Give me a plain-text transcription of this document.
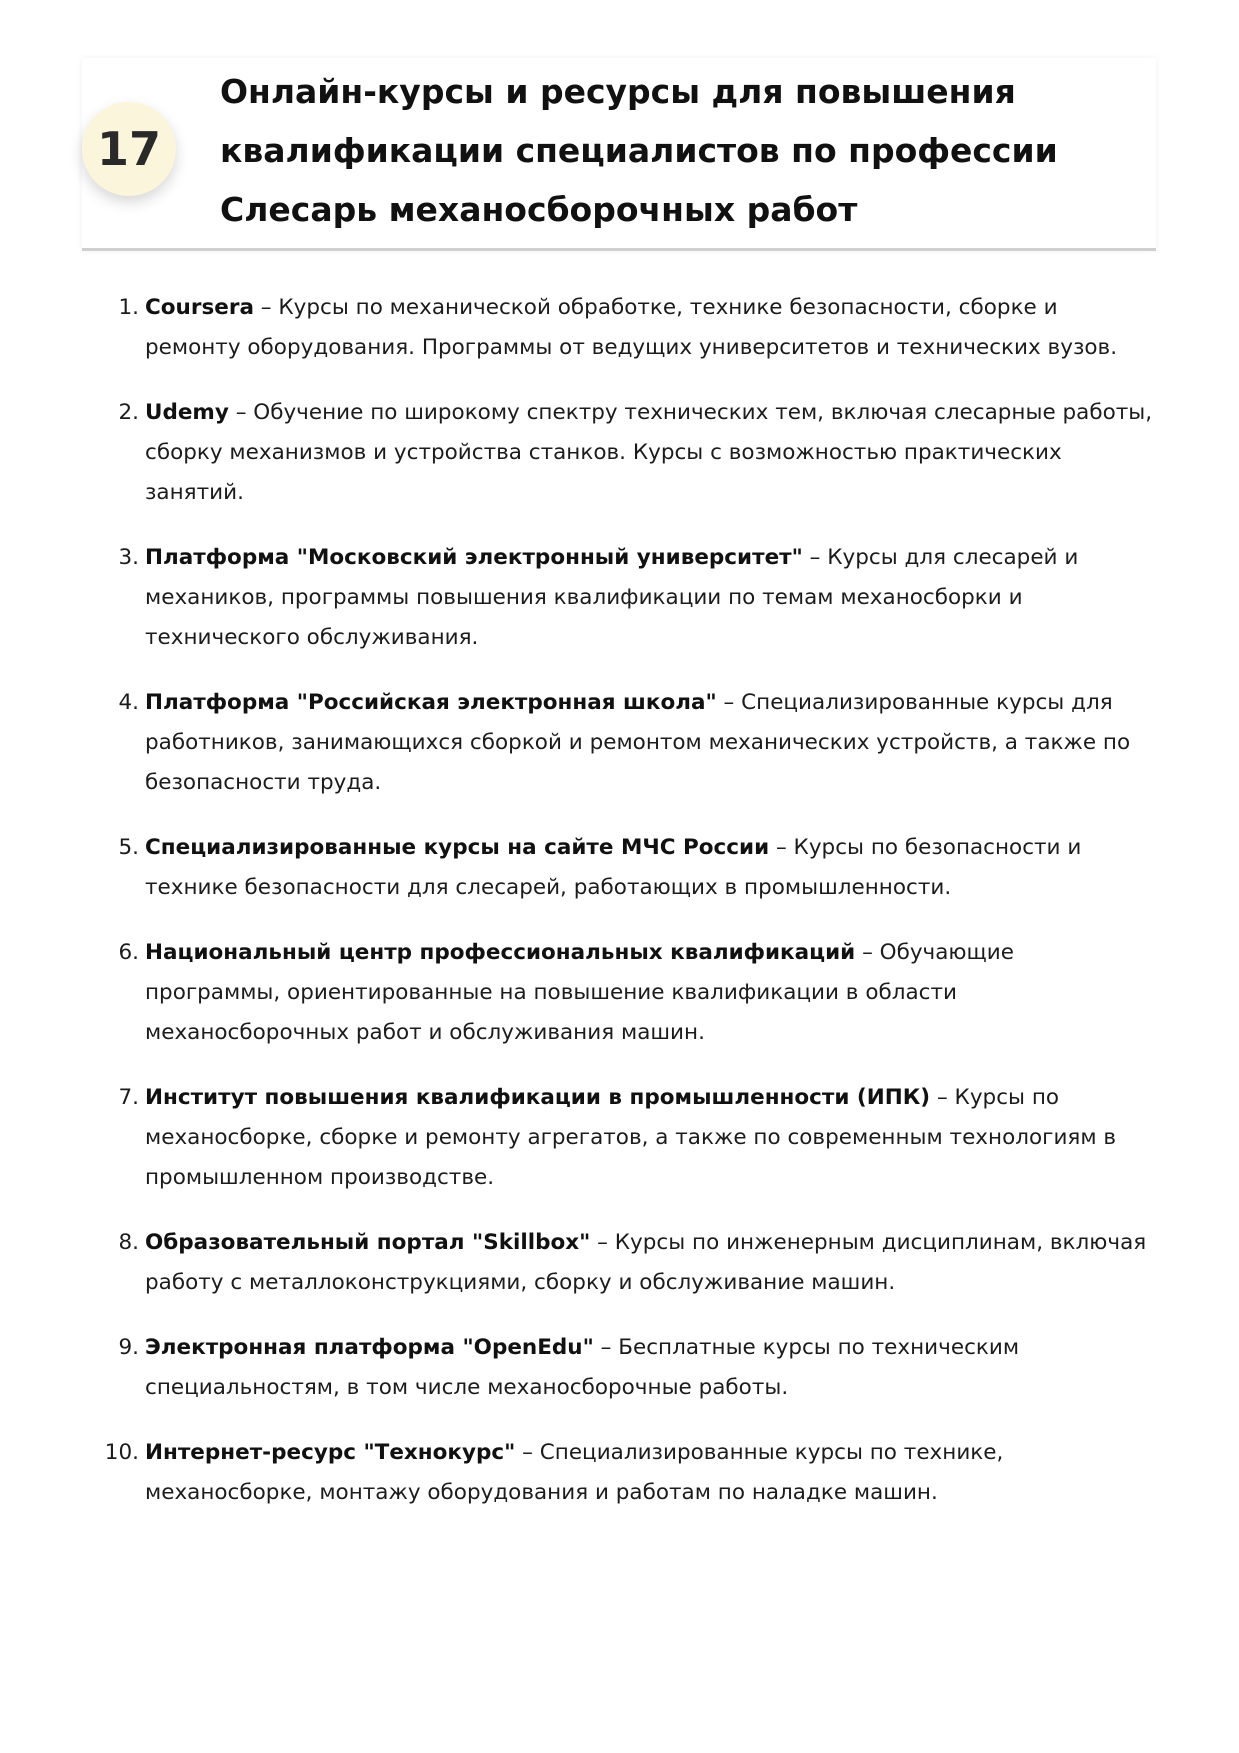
17
Онлайн-курсы и ресурсы для повышения
квалификации специалистов по профессии
Слесарь механосборочных работ
1. Coursera – Курсы по механической обработке, технике безопасности, сборке и ремонту оборудования. Программы от ведущих университетов и технических вузов.
2. Udemy – Обучение по широкому спектру технических тем, включая слесарные работы, сборку механизмов и устройства станков. Курсы с возможностью практических занятий.
3. Платформа "Московский электронный университет" – Курсы для слесарей и механиков, программы повышения квалификации по темам механосборки и технического обслуживания.
4. Платформа "Российская электронная школа" – Специализированные курсы для работников, занимающихся сборкой и ремонтом механических устройств, а также по безопасности труда.
5. Специализированные курсы на сайте МЧС России – Курсы по безопасности и технике безопасности для слесарей, работающих в промышленности.
6. Национальный центр профессиональных квалификаций – Обучающие программы, ориентированные на повышение квалификации в области механосборочных работ и обслуживания машин.
7. Институт повышения квалификации в промышленности (ИПК) – Курсы по механосборке, сборке и ремонту агрегатов, а также по современным технологиям в промышленном производстве.
8. Образовательный портал "Skillbox" – Курсы по инженерным дисциплинам, включая работу с металлоконструкциями, сборку и обслуживание машин.
9. Электронная платформа "OpenEdu" – Бесплатные курсы по техническим специальностям, в том числе механосборочные работы.
10. Интернет-ресурс "Технокурс" – Специализированные курсы по технике, механосборке, монтажу оборудования и работам по наладке машин.
